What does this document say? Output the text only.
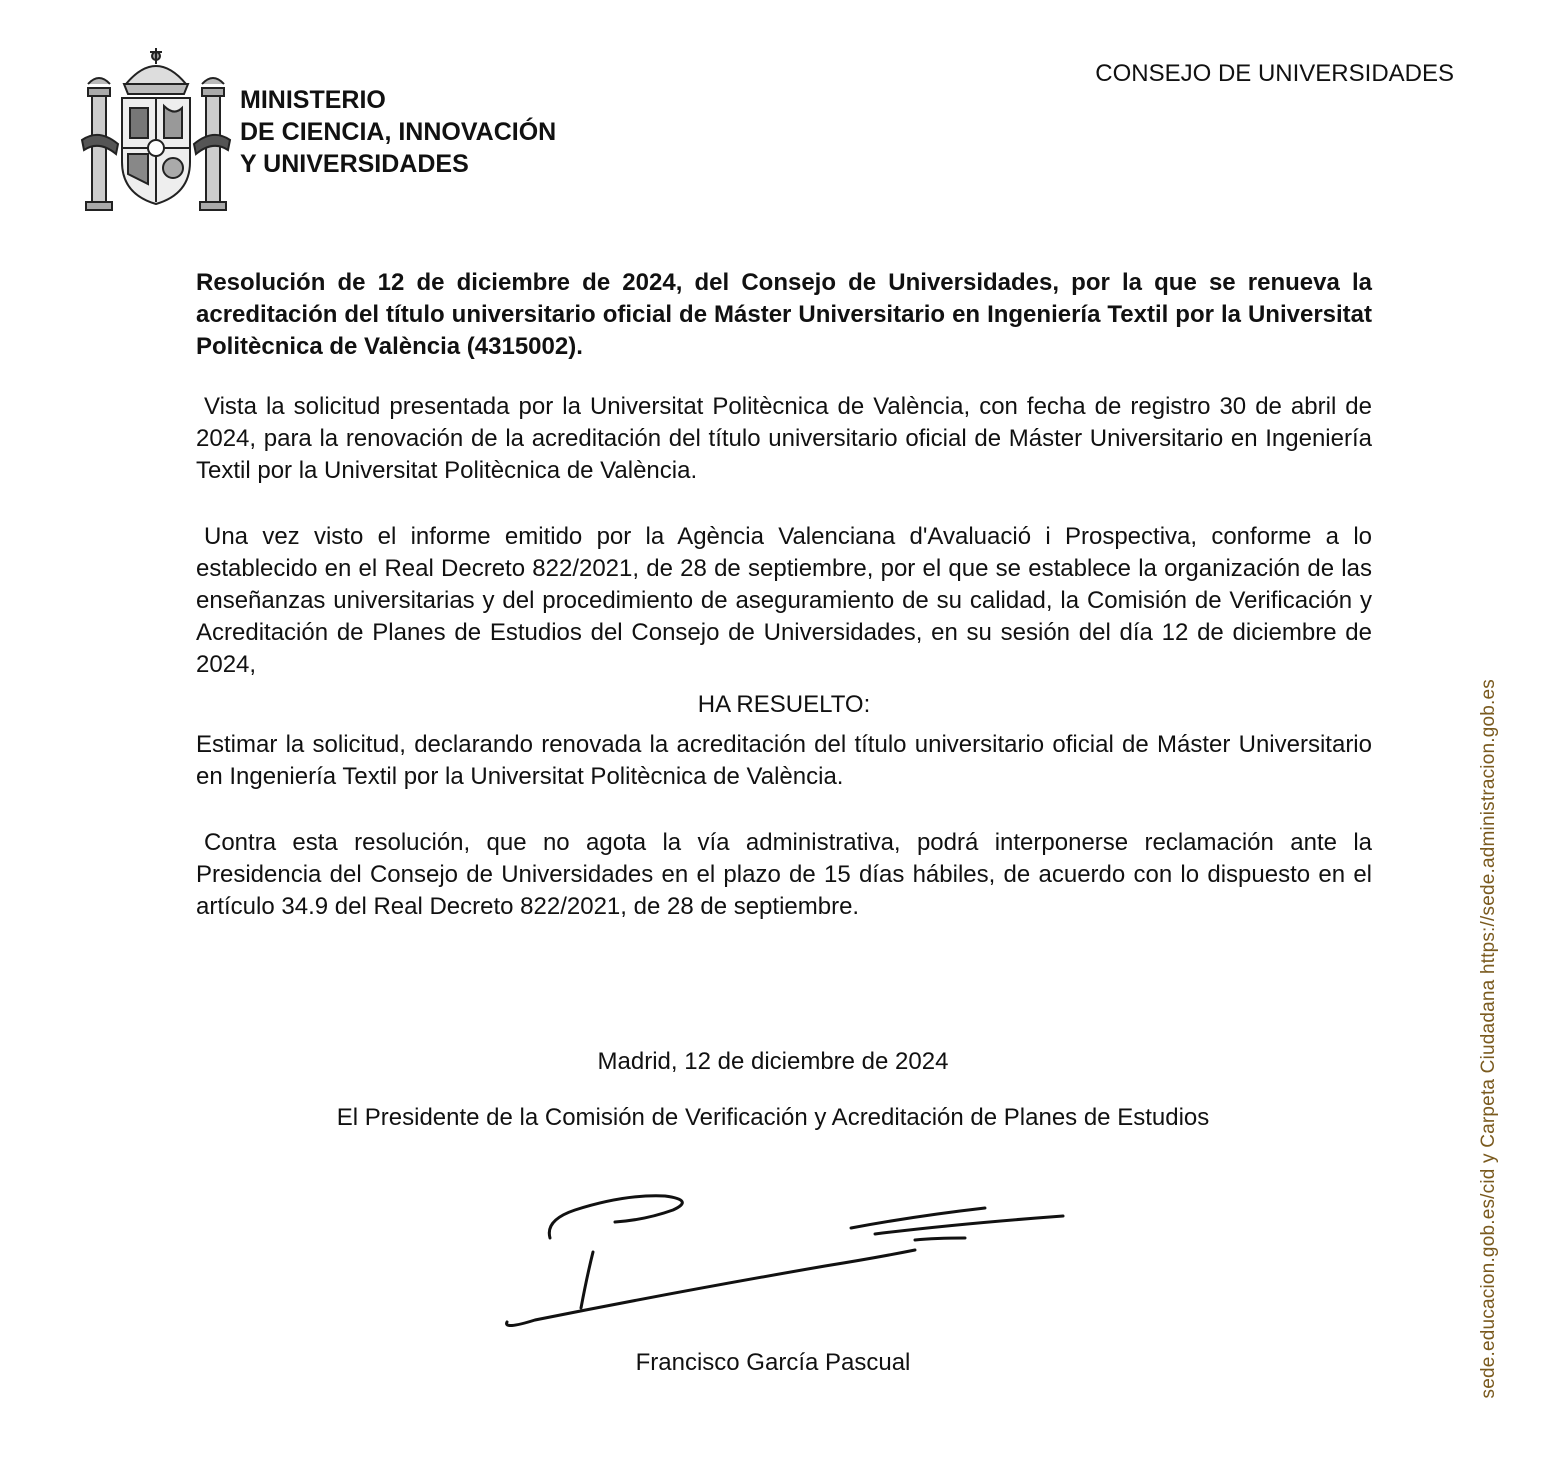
MINISTERIO
DE CIENCIA, INNOVACIÓN
Y UNIVERSIDADES
CONSEJO DE UNIVERSIDADES
Resolución de 12 de diciembre de 2024, del Consejo de Universidades, por la que se renueva la acreditación del título universitario oficial de Máster Universitario en Ingeniería Textil por la Universitat Politècnica de València (4315002).
Vista la solicitud presentada por la Universitat Politècnica de València, con fecha de registro 30 de abril de 2024, para la renovación de la acreditación del título universitario oficial de Máster Universitario en Ingeniería Textil por la Universitat Politècnica de València.
Una vez visto el informe emitido por la Agència Valenciana d'Avaluació i Prospectiva, conforme a lo establecido en el Real Decreto 822/2021, de 28 de septiembre, por el que se establece la organización de las enseñanzas universitarias y del procedimiento de aseguramiento de su calidad, la Comisión de Verificación y Acreditación de Planes de Estudios del Consejo de Universidades, en su sesión del día 12 de diciembre de 2024,
HA RESUELTO:
Estimar la solicitud, declarando renovada la acreditación del título universitario oficial de Máster Universitario en Ingeniería Textil por la Universitat Politècnica de València.
Contra esta resolución, que no agota la vía administrativa, podrá interponerse reclamación ante la Presidencia del Consejo de Universidades en el plazo de 15 días hábiles, de acuerdo con lo dispuesto en el artículo 34.9 del Real Decreto 822/2021, de 28 de septiembre.
Madrid, 12 de diciembre de 2024
El Presidente de la Comisión de Verificación y Acreditación de Planes de Estudios
Francisco García Pascual	sede.educacion.gob.es/cid y Carpeta Ciudadana https://sede.administracion.gob.es
